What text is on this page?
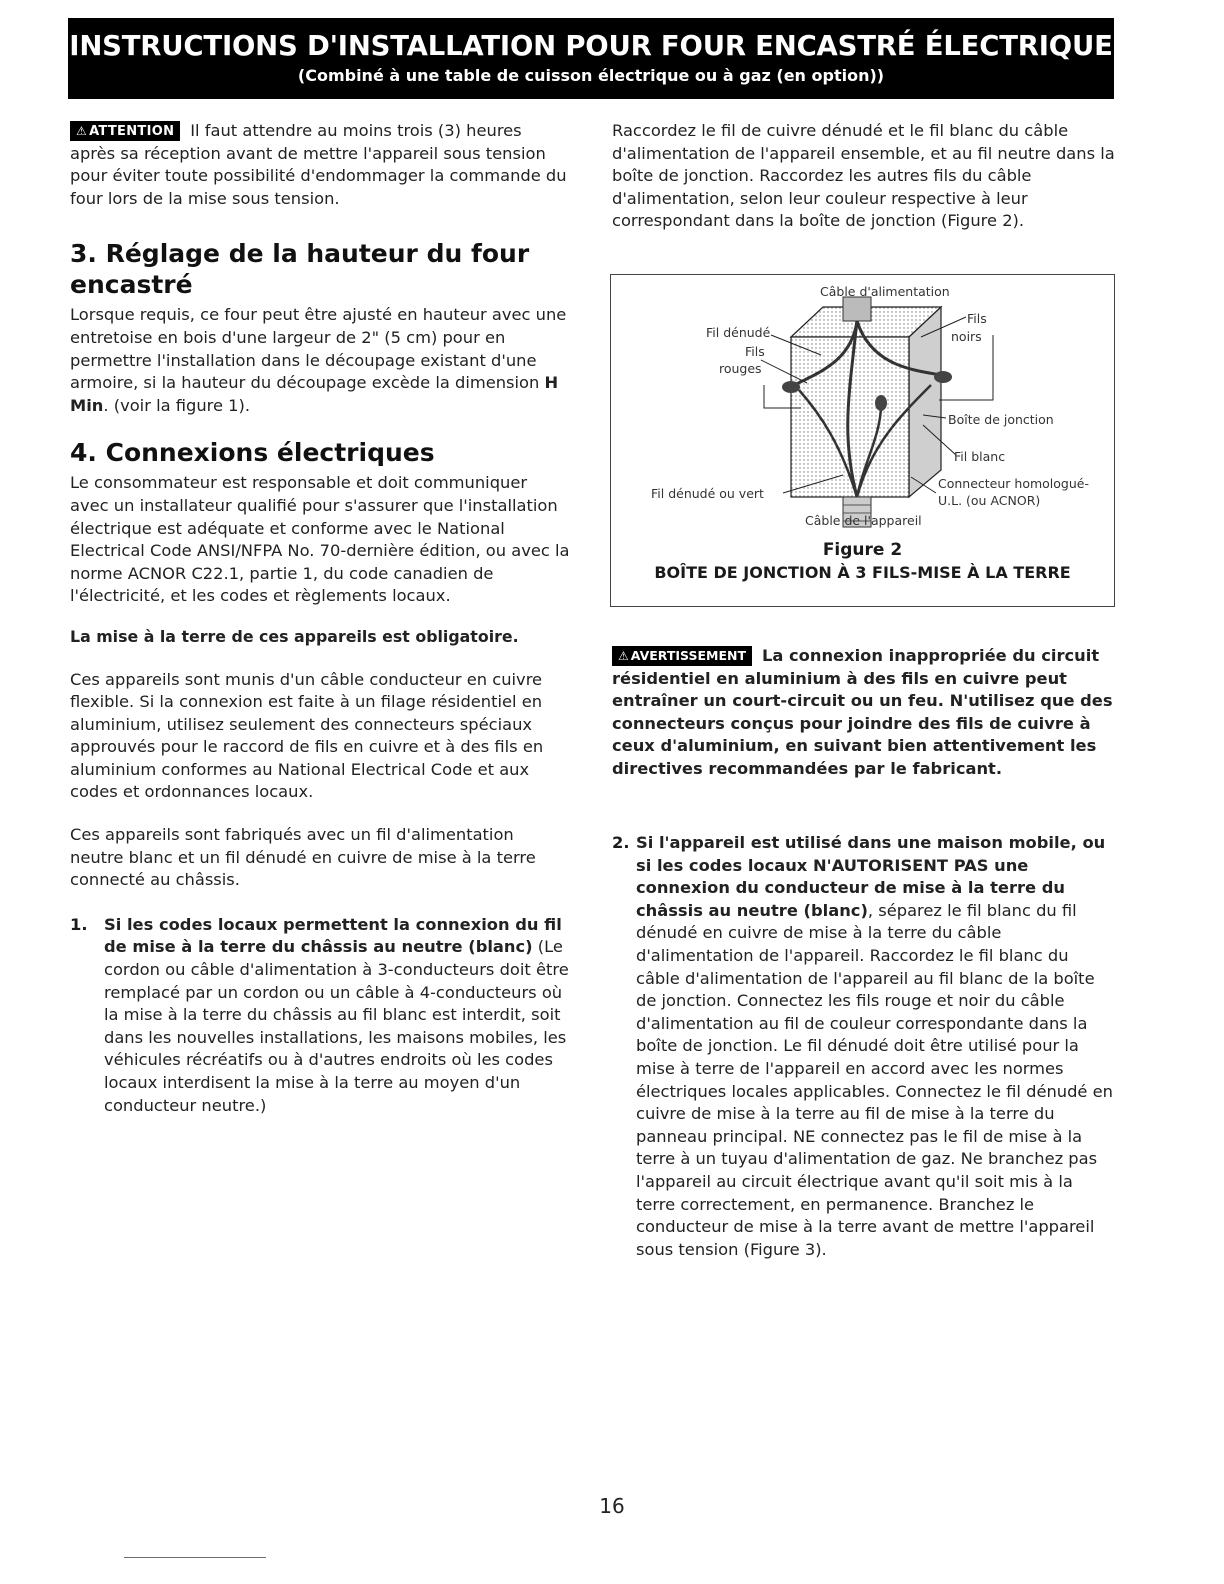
INSTRUCTIONS D'INSTALLATION POUR FOUR ENCASTRÉ ÉLECTRIQUE
(Combiné à une table de cuisson électrique ou à gaz (en option))

⚠ ATTENTION Il faut attendre au moins trois (3) heures après sa réception avant de mettre l'appareil sous tension pour éviter toute possibilité d'endommager la commande du four lors de la mise sous tension.

3. Réglage de la hauteur du four encastré

Lorsque requis, ce four peut être ajusté en hauteur avec une entretoise en bois d'une largeur de 2" (5 cm) pour en permettre l'installation dans le découpage existant d'une armoire, si la hauteur du découpage excède la dimension H Min. (voir la figure 1).

4. Connexions électriques

Le consommateur est responsable et doit communiquer avec un installateur qualifié pour s'assurer que l'installation électrique est adéquate et conforme avec le National Electrical Code ANSI/NFPA No. 70-dernière édition, ou avec la norme ACNOR C22.1, partie 1, du code canadien de l'électricité, et les codes et règlements locaux.

La mise à la terre de ces appareils est obligatoire.

Ces appareils sont munis d'un câble conducteur en cuivre flexible. Si la connexion est faite à un filage résidentiel en aluminium, utilisez seulement des connecteurs spéciaux approuvés pour le raccord de fils en cuivre et à des fils en aluminium conformes au National Electrical Code et aux codes et ordonnances locaux.

Ces appareils sont fabriqués avec un fil d'alimentation neutre blanc et un fil dénudé en cuivre de mise à la terre connecté au châssis.

1.	Si les codes locaux permettent la connexion du fil de mise à la terre du châssis au neutre (blanc) (Le cordon ou câble d'alimentation à 3-conducteurs doit être remplacé par un cordon ou un câble à 4-conducteurs où la mise à la terre du châssis au fil blanc est interdit, soit dans les nouvelles installations, les maisons mobiles, les véhicules récréatifs ou à d'autres endroits où les codes locaux interdisent la mise à la terre au moyen d'un conducteur neutre.)

Raccordez le fil de cuivre dénudé et le fil blanc du câble d'alimentation de l'appareil ensemble, et au fil neutre dans la boîte de jonction. Raccordez les autres fils du câble d'alimentation, selon leur couleur respective à leur correspondant dans la boîte de jonction (Figure 2).

Câble d'alimentation
Fil dénudé
Fils
rouges
Fils
noirs
Boîte de jonction
Fil blanc
Connecteur homologué-
U.L. (ou ACNOR)
Fil dénudé ou vert
Câble de l'appareil
Figure 2
BOÎTE DE JONCTION À 3 FILS-MISE À LA TERRE

⚠ AVERTISSEMENT La connexion inappropriée du circuit
résidentiel en aluminium à des fils en cuivre peut entraîner un court-circuit ou un feu. N'utilisez que des connecteurs conçus pour joindre des fils de cuivre à ceux d'aluminium, en suivant bien attentivement les directives recommandées par le fabricant.

2. Si l'appareil est utilisé dans une maison mobile, ou si les codes locaux N'AUTORISENT PAS une connexion du conducteur de mise à la terre du châssis au neutre (blanc), séparez le fil blanc du fil dénudé en cuivre de mise à la terre du câble d'alimentation de l'appareil. Raccordez le fil blanc du câble d'alimentation de l'appareil au fil blanc de la boîte de jonction. Connectez les fils rouge et noir du câble d'alimentation au fil de couleur correspondante dans la boîte de jonction. Le fil dénudé doit être utilisé pour la mise à terre de l'appareil en accord avec les normes électriques locales applicables. Connectez le fil dénudé en cuivre de mise à la terre au fil de mise à la terre du panneau principal. NE connectez pas le fil de mise à la terre à un tuyau d'alimentation de gaz. Ne branchez pas l'appareil au circuit électrique avant qu'il soit mis à la terre correctement, en permanence. Branchez le conducteur de mise à la terre avant de mettre l'appareil sous tension (Figure 3).

16
